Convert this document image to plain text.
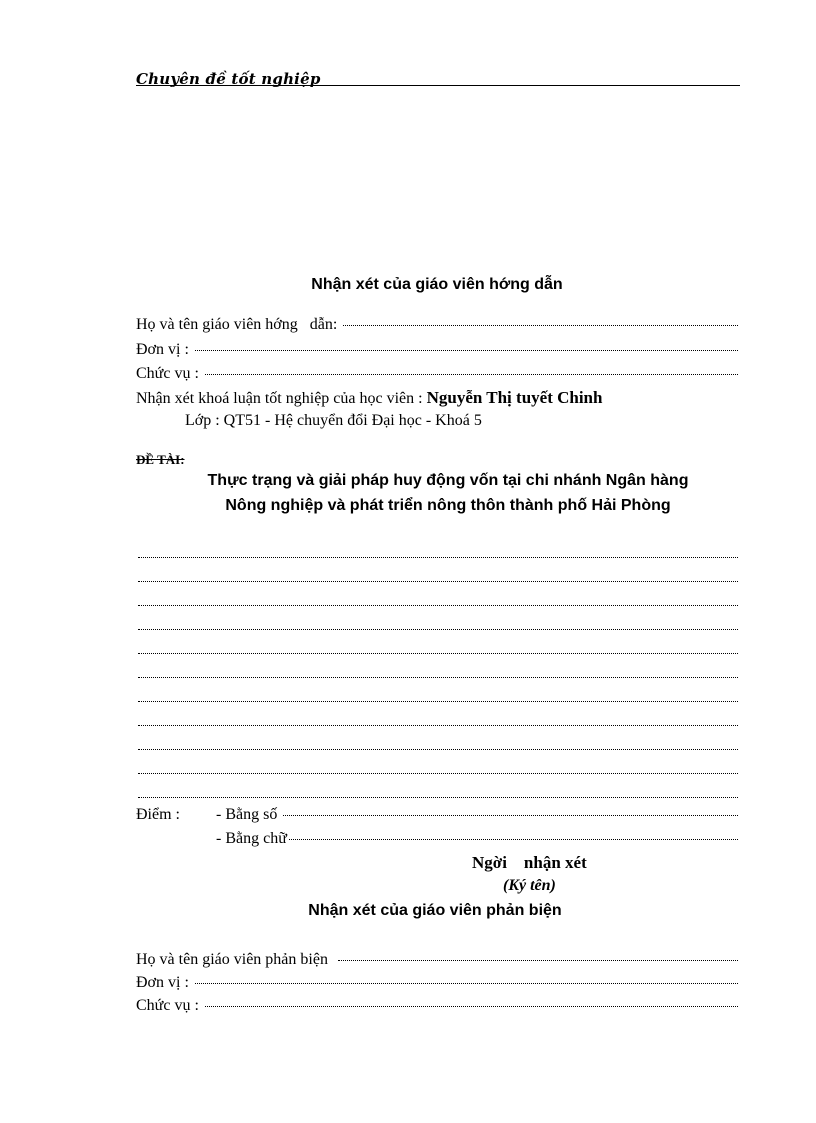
Chuyên đề tốt nghiệp
Nhận xét của giáo viên hớng dẫn
Họ và tên giáo viên hớng   dẫn:
Đơn vị :
Chức vụ :
Nhận xét khoá luận tốt nghiệp của học viên : Nguyễn Thị tuyết Chinh
Lớp : QT51 - Hệ chuyển đổi Đại học - Khoá 5
ĐỀ TÀI:
Thực trạng và giải pháp huy động vốn tại chi nhánh Ngân hàng
Nông nghiệp và phát triển nông thôn thành phố Hải Phòng
Điểm : - Bằng số
- Bằng chữ
Ngời    nhận xét
(Ký tên)
Nhận xét của giáo viên phản biện
Họ và tên giáo viên phản biện
Đơn vị :
Chức vụ :
